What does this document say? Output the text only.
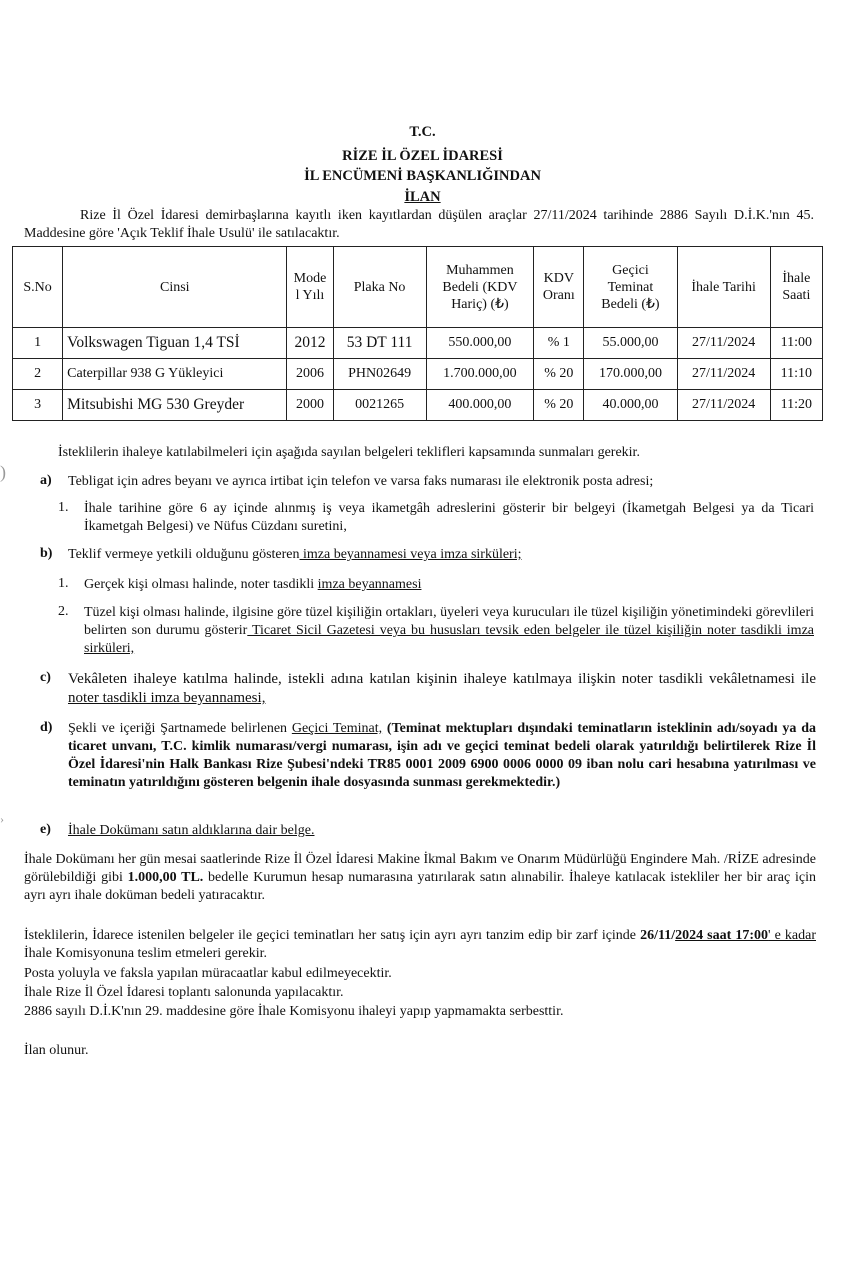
T.C.
RİZE İL ÖZEL İDARESİ
İL ENCÜMENİ BAŞKANLIĞINDAN
İLAN
Rize İl Özel İdaresi demirbaşlarına kayıtlı iken kayıtlardan düşülen araçlar 27/11/2024 tarihinde 2886 Sayılı D.İ.K.'nın 45. Maddesine göre 'Açık Teklif İhale Usulü' ile satılacaktır.
S.No	Cinsi	Mode l Yılı	Plaka No	Muhammen Bedeli (KDV Hariç) (₺)	KDV Oranı	Geçici Teminat Bedeli (₺)	İhale Tarihi	İhale Saati
1	Volkswagen Tiguan 1,4 TSİ	2012	53 DT 111	550.000,00	% 1	55.000,00	27/11/2024	11:00
2	Caterpillar 938 G Yükleyici	2006	PHN02649	1.700.000,00	% 20	170.000,00	27/11/2024	11:10
3	Mitsubishi MG 530 Greyder	2000	0021265	400.000,00	% 20	40.000,00	27/11/2024	11:20
)
İsteklilerin ihaleye katılabilmeleri için aşağıda sayılan belgeleri teklifleri kapsamında sunmaları gerekir.
a) Tebligat için adres beyanı ve ayrıca irtibat için telefon ve varsa faks numarası ile elektronik posta adresi;
1. İhale tarihine göre 6 ay içinde alınmış iş veya ikametgâh adreslerini gösterir bir belgeyi (İkametgah Belgesi ya da Ticari İkametgah Belgesi) ve Nüfus Cüzdanı suretini,
b) Teklif vermeye yetkili olduğunu gösteren imza beyannamesi veya imza sirküleri;
1. Gerçek kişi olması halinde, noter tasdikli imza beyannamesi
2. Tüzel kişi olması halinde, ilgisine göre tüzel kişiliğin ortakları, üyeleri veya kurucuları ile tüzel kişiliğin yönetimindeki görevlileri belirten son durumu gösterir Ticaret Sicil Gazetesi veya bu hususları tevsik eden belgeler ile tüzel kişiliğin noter tasdikli imza sirküleri,
c) Vekâleten ihaleye katılma halinde, istekli adına katılan kişinin ihaleye katılmaya ilişkin noter tasdikli vekâletnamesi ile noter tasdikli imza beyannamesi,
d) Şekli ve içeriği Şartnamede belirlenen Geçici Teminat, (Teminat mektupları dışındaki teminatların isteklinin adı/soyadı ya da ticaret unvanı, T.C. kimlik numarası/vergi numarası, işin adı ve geçici teminat bedeli olarak yatırıldığı belirtilerek Rize İl Özel İdaresi'nin Halk Bankası Rize Şubesi'ndeki TR85 0001 2009 6900 0006 0000 09 iban nolu cari hesabına yatırılması ve teminatın yatırıldığını gösteren belgenin ihale dosyasında sunması gerekmektedir.)
›
e) İhale Dokümanı satın aldıklarına dair belge.
İhale Dokümanı her gün mesai saatlerinde Rize İl Özel İdaresi Makine İkmal Bakım ve Onarım Müdürlüğü Engindere Mah. /RİZE adresinde görülebildiği gibi 1.000,00 TL. bedelle Kurumun hesap numarasına yatırılarak satın alınabilir. İhaleye katılacak istekliler her bir araç için ayrı ayrı ihale doküman bedeli yatıracaktır.
İsteklilerin, İdarece istenilen belgeler ile geçici teminatları her satış için ayrı ayrı tanzim edip bir zarf içinde 26/11/2024 saat 17:00' e kadar İhale Komisyonuna teslim etmeleri gerekir.
Posta yoluyla ve faksla yapılan müracaatlar kabul edilmeyecektir.
İhale Rize İl Özel İdaresi toplantı salonunda yapılacaktır.
2886 sayılı D.İ.K'nın 29. maddesine göre İhale Komisyonu ihaleyi yapıp yapmamakta serbesttir.
İlan olunur.
